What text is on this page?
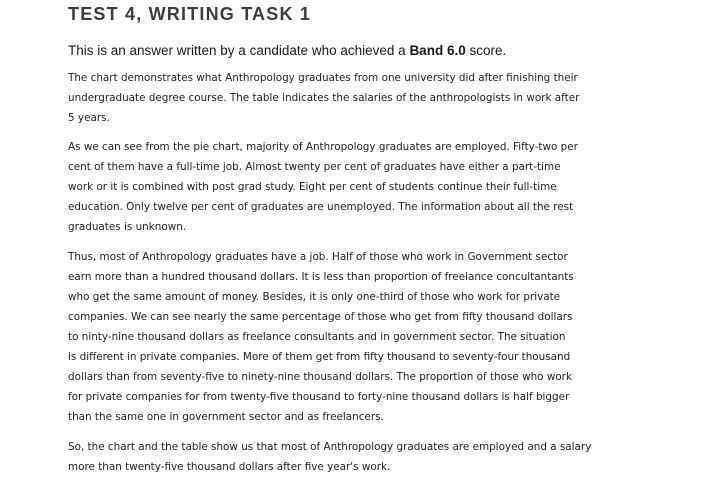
TEST 4, WRITING TASK 1

This is an answer written by a candidate who achieved a Band 6.0 score.

The chart demonstrates what Anthropology graduates from one university did after finishing their
undergraduate degree course. The table indicates the salaries of the anthropologists in work after
5 years.
As we can see from the pie chart, majority of Anthropology graduates are employed. Fifty-two per
cent of them have a full-time job. Almost twenty per cent of graduates have either a part-time
work or it is combined with post grad study. Eight per cent of students continue their full-time
education. Only twelve per cent of graduates are unemployed. The information about all the rest
graduates is unknown.
Thus, most of Anthropology graduates have a job. Half of those who work in Government sector
earn more than a hundred thousand dollars. It is less than proportion of freelance concultantants
who get the same amount of money. Besides, it is only one-third of those who work for private
companies. We can see nearly the same percentage of those who get from fifty thousand dollars
to ninty-nine thousand dollars as freelance consultants and in government sector. The situation
is different in private companies. More of them get from fifty thousand to seventy-four thousand
dollars than from seventy-five to ninety-nine thousand dollars. The proportion of those who work
for private companies for from twenty-five thousand to forty-nine thousand dollars is half bigger
than the same one in government sector and as freelancers.
So, the chart and the table show us that most of Anthropology graduates are employed and a salary
more than twenty-five thousand dollars after five year's work.
